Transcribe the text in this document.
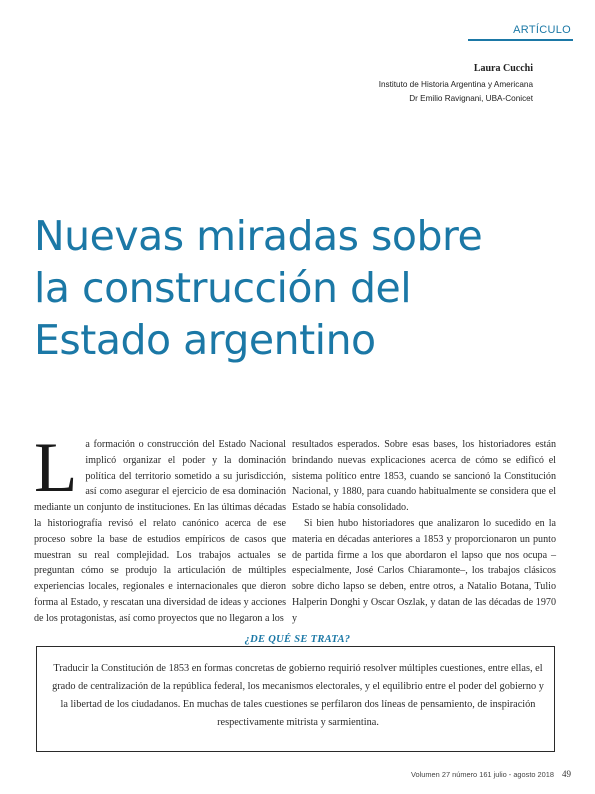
ARTÍCULO
Laura Cucchi
Instituto de Historia Argentina y Americana
Dr Emilio Ravignani, UBA-Conicet
Nuevas miradas sobre
la construcción del
Estado argentino
L a formación o construcción del Estado Nacional implicó organizar el poder y la dominación política del territorio sometido a su jurisdicción, así como asegurar el ejercicio de esa dominación mediante un conjunto de instituciones. En las últimas décadas la historiografía revisó el relato canónico acerca de ese proceso sobre la base de estudios empíricos de casos que muestran su real complejidad. Los trabajos actuales se preguntan cómo se produjo la articulación de múltiples experiencias locales, regionales e internacionales que dieron forma al Estado, y rescatan una diversidad de ideas y acciones de los protagonistas, así como proyectos que no llegaron a los

resultados esperados. Sobre esas bases, los historiadores están brindando nuevas explicaciones acerca de cómo se edificó el sistema político entre 1853, cuando se sancionó la Constitución Nacional, y 1880, para cuando habitualmente se considera que el Estado se había consolidado.

Si bien hubo historiadores que analizaron lo sucedido en la materia en décadas anteriores a 1853 y proporcionaron un punto de partida firme a los que abordaron el lapso que nos ocupa –especialmente, José Carlos Chiaramonte–, los trabajos clásicos sobre dicho lapso se deben, entre otros, a Natalio Botana, Tulio Halperin Donghi y Oscar Oszlak, y datan de las décadas de 1970 y

¿DE QUÉ SE TRATA?

Traducir la Constitución de 1853 en formas concretas de gobierno requirió resolver múltiples cuestiones, entre ellas, el grado de centralización de la república federal, los mecanismos electorales, y el equilibrio entre el poder del gobierno y la libertad de los ciudadanos. En muchas de tales cuestiones se perfilaron dos líneas de pensamiento, de inspiración respectivamente mitrista y sarmientina.

Volumen 27 número 161 julio - agosto 2018 49
